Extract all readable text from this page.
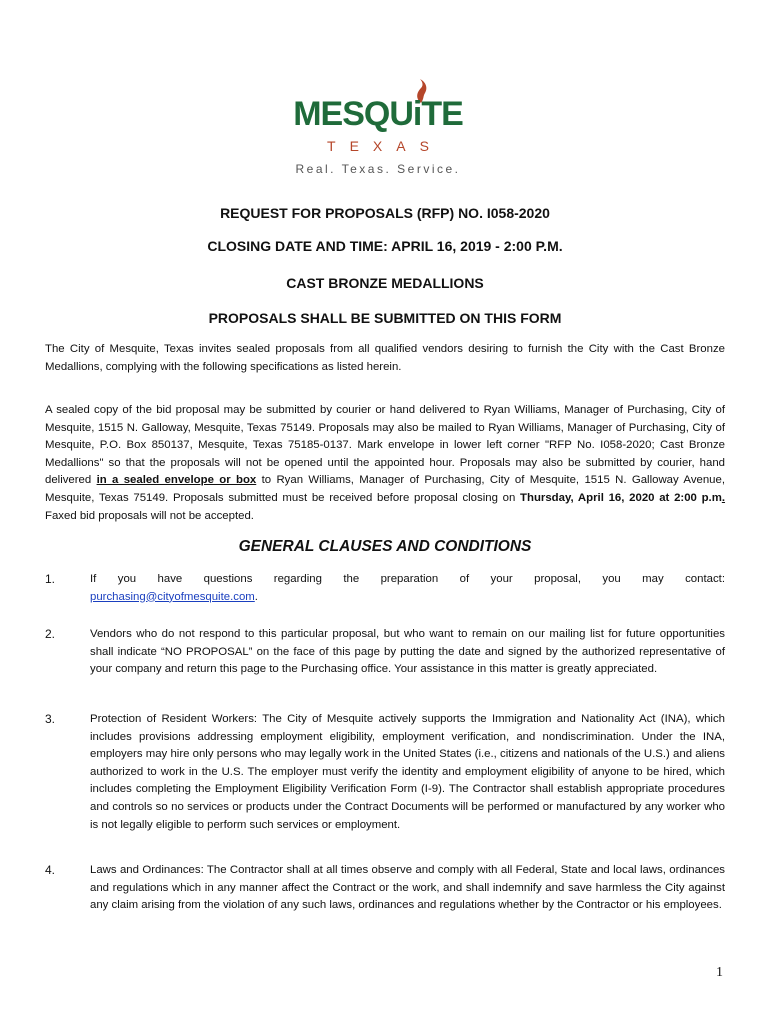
MESQUiTE
TEXAS
Real. Texas. Service.
REQUEST FOR PROPOSALS (RFP) NO. I058-2020
CLOSING DATE AND TIME: APRIL 16, 2019 - 2:00 P.M.
CAST BRONZE MEDALLIONS
PROPOSALS SHALL BE SUBMITTED ON THIS FORM
The City of Mesquite, Texas invites sealed proposals from all qualified vendors desiring to furnish the City with the Cast Bronze Medallions, complying with the following specifications as listed herein.
A sealed copy of the bid proposal may be submitted by courier or hand delivered to Ryan Williams, Manager of Purchasing, City of Mesquite, 1515 N. Galloway, Mesquite, Texas 75149. Proposals may also be mailed to Ryan Williams, Manager of Purchasing, City of Mesquite, P.O. Box 850137, Mesquite, Texas 75185-0137. Mark envelope in lower left corner "RFP No. I058-2020; Cast Bronze Medallions" so that the proposals will not be opened until the appointed hour. Proposals may also be submitted by courier, hand delivered in a sealed envelope or box to Ryan Williams, Manager of Purchasing, City of Mesquite, 1515 N. Galloway Avenue, Mesquite, Texas 75149. Proposals submitted must be received before proposal closing on Thursday, April 16, 2020 at 2:00 p.m. Faxed bid proposals will not be accepted.
GENERAL CLAUSES AND CONDITIONS
1.	If you have questions regarding the preparation of your proposal, you may contact:
purchasing@cityofmesquite.com.
2.	Vendors who do not respond to this particular proposal, but who want to remain on our mailing list for future opportunities shall indicate “NO PROPOSAL” on the face of this page by putting the date and signed by the authorized representative of your company and return this page to the Purchasing office. Your assistance in this matter is greatly appreciated.
3.	Protection of Resident Workers: The City of Mesquite actively supports the Immigration and Nationality Act (INA), which includes provisions addressing employment eligibility, employment verification, and nondiscrimination. Under the INA, employers may hire only persons who may legally work in the United States (i.e., citizens and nationals of the U.S.) and aliens authorized to work in the U.S. The employer must verify the identity and employment eligibility of anyone to be hired, which includes completing the Employment Eligibility Verification Form (I-9). The Contractor shall establish appropriate procedures and controls so no services or products under the Contract Documents will be performed or manufactured by any worker who is not legally eligible to perform such services or employment.
4.	Laws and Ordinances: The Contractor shall at all times observe and comply with all Federal, State and local laws, ordinances and regulations which in any manner affect the Contract or the work, and shall indemnify and save harmless the City against any claim arising from the violation of any such laws, ordinances and regulations whether by the Contractor or his employees.
1
